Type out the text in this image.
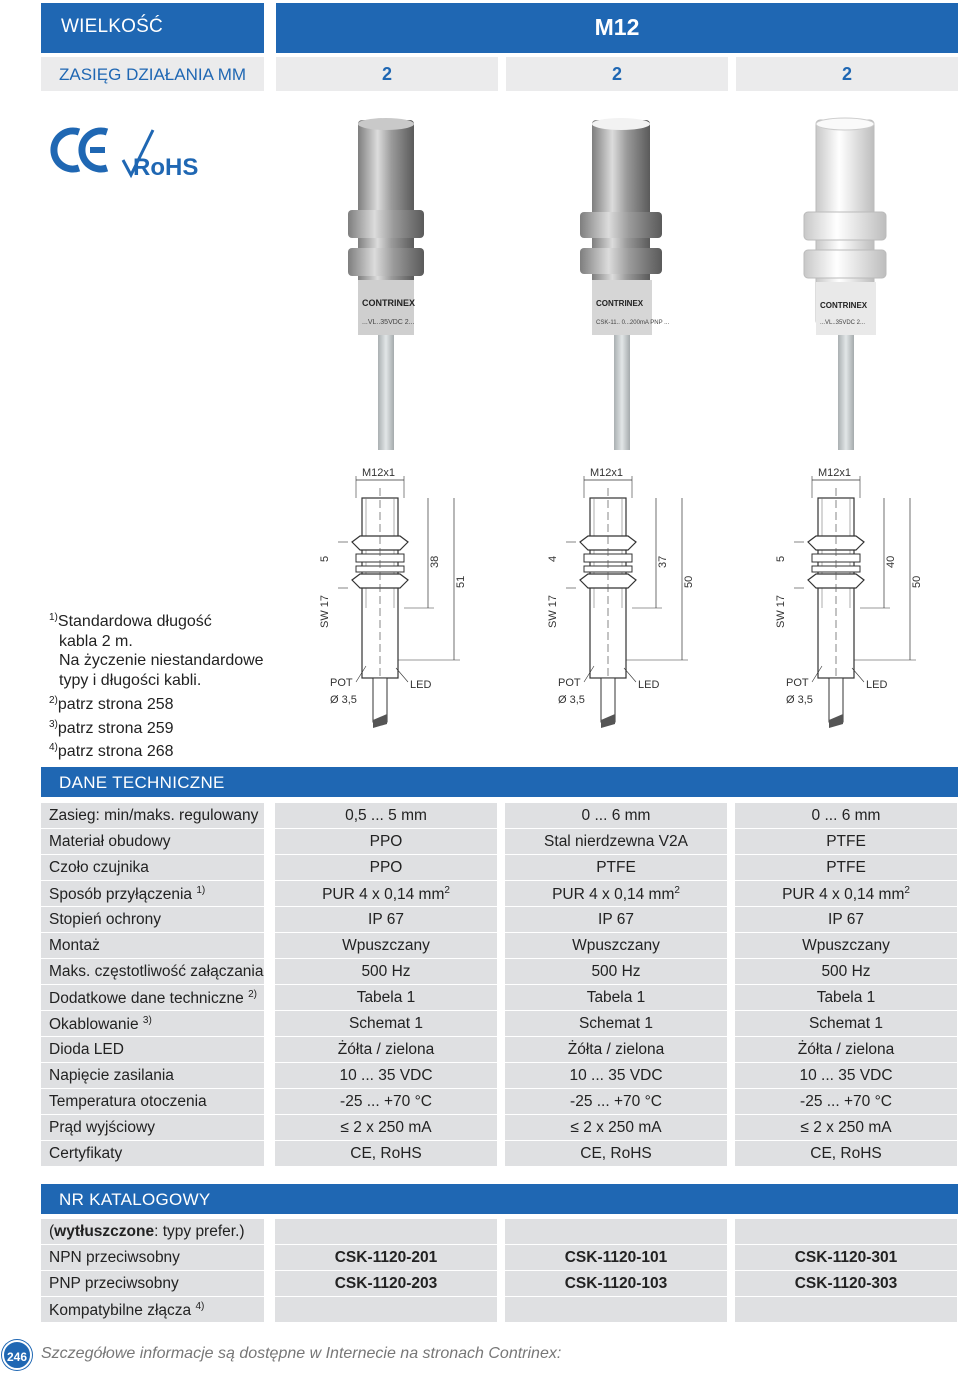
WIELKOŚĆ	M12
ZASIĘG DZIAŁANIA MM	2	2	2
RoHS
CONTRINEX
...VL..35VDC 2...
CONTRINEX
CSK-11.. 0...200mA PNP ...
CONTRINEX
...VL..35VDC 2...
M12x1
5
SW 17
38
51
POT
Ø 3,5
LED
M12x1
4
SW 17
37
50
POT
Ø 3,5
LED
M12x1
5
SW 17
40
50
POT
Ø 3,5
LED
$^{1)}$Standardowa długość
kabla 2 m.
Na życzenie niestandardowe
typy i długości kabli.
$^{2)}$patrz strona 258
$^{3)}$patrz strona 259
$^{4)}$patrz strona 268
DANE TECHNICZNE
Zasieg: min/maks. regulowany	0,5 ... 5 mm	0 ... 6 mm	0 ... 6 mm
Materiał obudowy	PPO	Stal nierdzewna V2A	PTFE
Czoło czujnika	PPO	PTFE	PTFE
Sposób przyłączenia $^{1)}$	PUR 4 x 0,14 $mm^2$	PUR 4 x 0,14 $mm^2$	PUR 4 x 0,14 $mm^2$
Stopień ochrony	IP 67	IP 67	IP 67
Montaż	Wpuszczany	Wpuszczany	Wpuszczany
Maks. częstotliwość załączania	500 Hz	500 Hz	500 Hz
Dodatkowe dane techniczne $^{2)}$	Tabela 1	Tabela 1	Tabela 1
Okablowanie $^{3)}$	Schemat 1	Schemat 1	Schemat 1
Dioda LED	Żółta / zielona	Żółta / zielona	Żółta / zielona
Napięcie zasilania	10 ... 35 VDC	10 ... 35 VDC	10 ... 35 VDC
Temperatura otoczenia	-25 ... +70 °C	-25 ... +70 °C	-25 ... +70 °C
Prąd wyjściowy	≤ 2 x 250 mA	≤ 2 x 250 mA	≤ 2 x 250 mA
Certyfikaty	CE, RoHS	CE, RoHS	CE, RoHS
NR KATALOGOWY
(wytłuszczone: typy prefer.)
NPN przeciwsobny	CSK-1120-201	CSK-1120-101	CSK-1120-301
PNP przeciwsobny	CSK-1120-203	CSK-1120-103	CSK-1120-303
Kompatybilne złącza $^{4)}$
246 Szczegółowe informacje są dostępne w Internecie na stronach Contrinex:
